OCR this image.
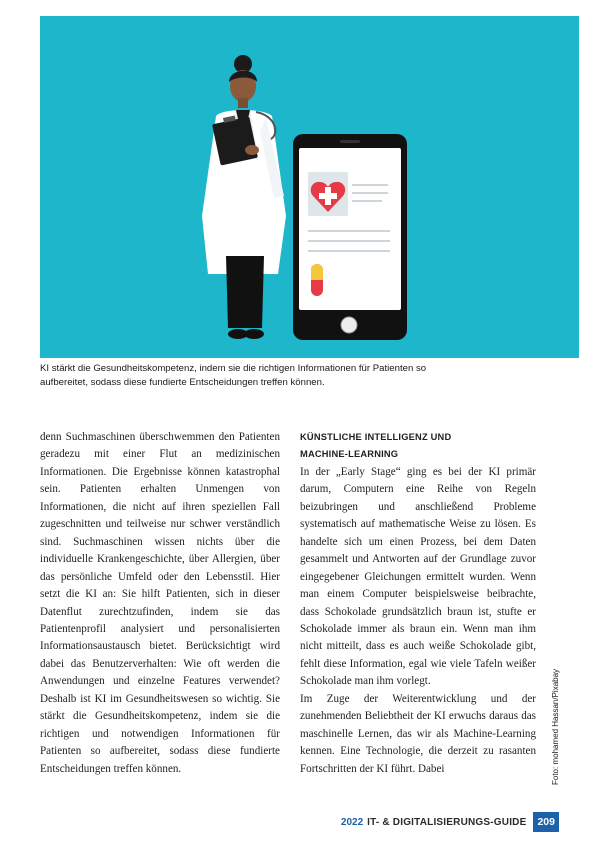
KI stärkt die Gesundheitskompetenz, indem sie die richtigen Informationen für Patienten so
aufbereitet, sodass diese fundierte Entscheidungen treffen können.

denn Suchmaschinen überschwemmen den Patienten geradezu mit einer Flut an medizinischen Informationen. Die Ergebnisse können katastrophal sein. Patienten erhalten Unmengen von Informationen, die nicht auf ihren speziellen Fall zugeschnitten und teilweise nur schwer verständlich sind. Suchmaschinen wissen nichts über die individuelle Krankengeschichte, über Allergien, über das persönliche Umfeld oder den Lebensstil. Hier setzt die KI an: Sie hilft Patienten, sich in dieser Datenflut zurechtzufinden, indem sie das Patientenprofil analysiert und personalisierten Informationsaustausch bietet. Berücksichtigt wird dabei das Benutzerverhalten: Wie oft werden die Anwendungen und einzelne Features verwendet? Deshalb ist KI im Gesundheitswesen so wichtig. Sie stärkt die Gesundheitskompetenz, indem sie die richtigen und notwendigen Informationen für Patienten so aufbereitet, sodass diese fundierte Entscheidungen treffen können.

KÜNSTLICHE INTELLIGENZ UND
MACHINE-LEARNING

In der „Early Stage“ ging es bei der KI primär darum, Computern eine Reihe von Regeln beizubringen und anschließend Probleme systematisch auf mathematische Weise zu lösen. Es handelte sich um einen Prozess, bei dem Daten gesammelt und Antworten auf der Grundlage zuvor eingegebener Gleichungen ermittelt wurden. Wenn man einem Computer beispielsweise beibrachte, dass Schokolade grundsätzlich braun ist, stufte er Schokolade immer als braun ein. Wenn man ihm nicht mitteilt, dass es auch weiße Schokolade gibt, fehlt diese Information, egal wie viele Tafeln weißer Schokolade man ihm vorlegt.

Im Zuge der Weiterentwicklung und der zunehmenden Beliebtheit der KI erwuchs daraus das maschinelle Lernen, das wir als Machine-Learning kennen. Eine Technologie, die derzeit zu rasanten Fortschritten der KI führt. Dabei	Foto: mohamed Hassan/Pixabay
2022 IT- & DIGITALISIERUNGS-GUIDE	209
